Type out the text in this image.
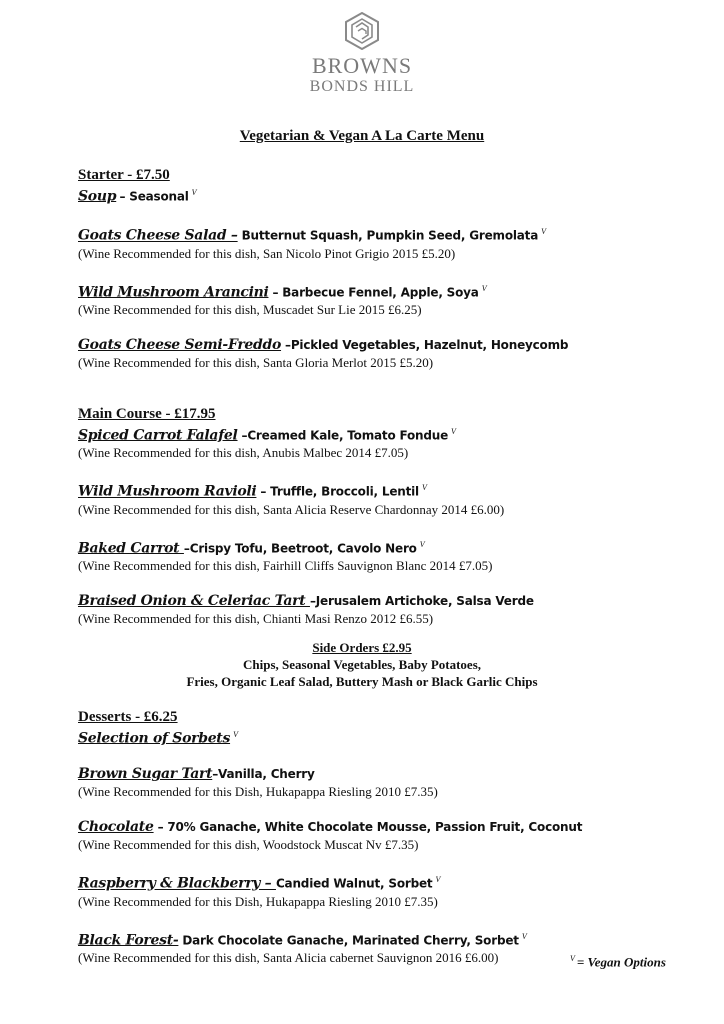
BROWNS
BONDS HILL
Vegetarian & Vegan A La Carte Menu
Starter - £7.50
Soup – Seasonal $^V$
Goats Cheese Salad – Butternut Squash, Pumpkin Seed, Gremolata $^V$
(Wine Recommended for this dish, San Nicolo Pinot Grigio 2015 £5.20)
Wild Mushroom Arancini – Barbecue Fennel, Apple, Soya $^V$
(Wine Recommended for this dish, Muscadet Sur Lie 2015 £6.25)
Goats Cheese Semi-Freddo –Pickled Vegetables, Hazelnut, Honeycomb
(Wine Recommended for this dish, Santa Gloria Merlot 2015 £5.20)
Main Course - £17.95
Spiced Carrot Falafel –Creamed Kale, Tomato Fondue $^V$
(Wine Recommended for this dish, Anubis Malbec 2014 £7.05)
Wild Mushroom Ravioli – Truffle, Broccoli, Lentil $^V$
(Wine Recommended for this dish, Santa Alicia Reserve Chardonnay 2014 £6.00)
Baked Carrot –Crispy Tofu, Beetroot, Cavolo Nero $^V$
(Wine Recommended for this dish, Fairhill Cliffs Sauvignon Blanc 2014 £7.05)
Braised Onion & Celeriac Tart –Jerusalem Artichoke, Salsa Verde
(Wine Recommended for this dish, Chianti Masi Renzo 2012 £6.55)
Side Orders £2.95
Chips, Seasonal Vegetables, Baby Potatoes,
Fries, Organic Leaf Salad, Buttery Mash or Black Garlic Chips
Desserts - £6.25
Selection of Sorbets $^V$
Brown Sugar Tart–Vanilla, Cherry
(Wine Recommended for this Dish, Hukapappa Riesling 2010 £7.35)
Chocolate – 70% Ganache, White Chocolate Mousse, Passion Fruit, Coconut
(Wine Recommended for this dish, Woodstock Muscat Nv £7.35)
Raspberry & Blackberry – Candied Walnut, Sorbet $^V$
(Wine Recommended for this Dish, Hukapappa Riesling 2010 £7.35)
Black Forest- Dark Chocolate Ganache, Marinated Cherry, Sorbet $^V$
(Wine Recommended for this dish, Santa Alicia cabernet Sauvignon 2016 £6.00)	$^V$ = Vegan Options
